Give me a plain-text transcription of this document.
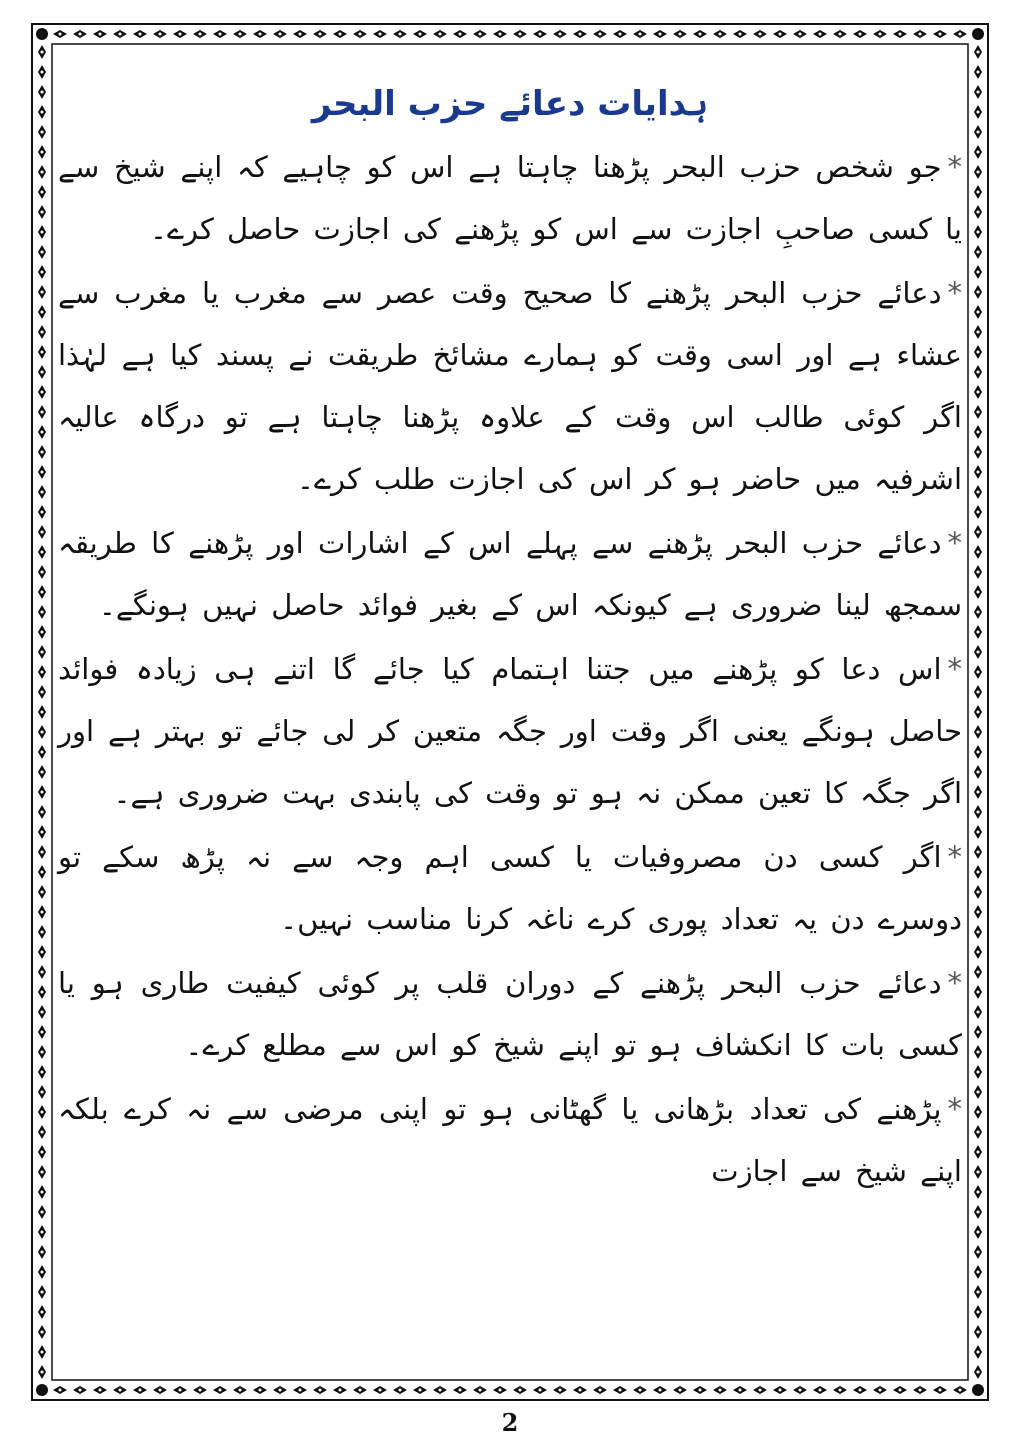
ہدایات دعائے حزب البحر

*جو شخص حزب البحر پڑھنا چاہتا ہے اس کو چاہیے کہ اپنے شیخ سے یا کسی صاحبِ اجازت سے اس کو پڑھنے کی اجازت حاصل کرے۔

*دعائے حزب البحر پڑھنے کا صحیح وقت عصر سے مغرب یا مغرب سے عشاء ہے اور اسی وقت کو ہمارے مشائخ طریقت نے پسند کیا ہے لہٰذا اگر کوئی طالب اس وقت کے علاوہ پڑھنا چاہتا ہے تو درگاہ عالیہ اشرفیہ میں حاضر ہو کر اس کی اجازت طلب کرے۔

*دعائے حزب البحر پڑھنے سے پہلے اس کے اشارات اور پڑھنے کا طریقہ سمجھ لینا ضروری ہے کیونکہ اس کے بغیر فوائد حاصل نہیں ہونگے۔

*اس دعا کو پڑھنے میں جتنا اہتمام کیا جائے گا اتنے ہی زیادہ فوائد حاصل ہونگے یعنی اگر وقت اور جگہ متعین کر لی جائے تو بہتر ہے اور اگر جگہ کا تعین ممکن نہ ہو تو وقت کی پابندی بہت ضروری ہے۔

*اگر کسی دن مصروفیات یا کسی اہم وجہ سے نہ پڑھ سکے تو دوسرے دن یہ تعداد پوری کرے ناغہ کرنا مناسب نہیں۔

*دعائے حزب البحر پڑھنے کے دوران قلب پر کوئی کیفیت طاری ہو یا کسی بات کا انکشاف ہو تو اپنے شیخ کو اس سے مطلع کرے۔

*پڑھنے کی تعداد بڑھانی یا گھٹانی ہو تو اپنی مرضی سے نہ کرے بلکہ اپنے شیخ سے اجازت

2
